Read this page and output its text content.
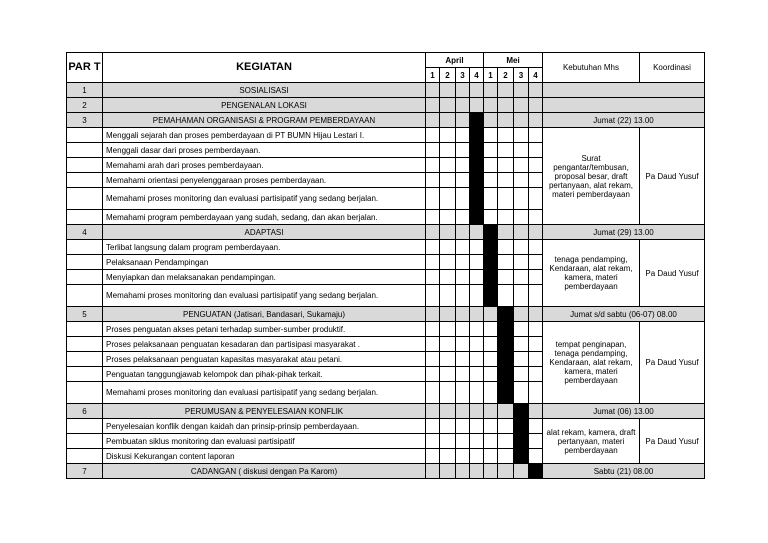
PAR T	KEGIATAN	April				Mei				Kebutuhan Mhs	Koordinasi
		1	2	3	4	1	2	3	4		
1	SOSIALISASI										
2	PENGENALAN LOKASI										
3	PEMAHAMAN ORGANISASI & PROGRAM PEMBERDAYAAN									Jumat (22) 13.00	
	Menggali sejarah dan proses pemberdayaan di PT BUMN Hijau Lestari I.									Surat pengantar/tembusan, proposal besar, draft pertanyaan, alat rekam, materi pemberdayaan	Pa Daud Yusuf
	Menggali dasar dari proses pemberdayaan.										
	Memahami arah dari proses pemberdayaan.										
	Memahami orientasi penyelenggaraan proses pemberdayaan.										
	Memahami proses monitoring dan evaluasi partisipatif yang sedang berjalan.										
	Memahami program pemberdayaan yang sudah, sedang, dan akan berjalan.										
4	ADAPTASI									Jumat (29) 13.00	
	Terlibat langsung dalam program pemberdayaan.									tenaga pendamping, Kendaraan, alat rekam, kamera, materi pemberdayaan	Pa Daud Yusuf
	Pelaksanaan Pendampingan										
	Menyiapkan dan melaksanakan pendampingan.										
	Memahami proses monitoring dan evaluasi partisipatif yang sedang berjalan.										
5	PENGUATAN (Jatisari, Bandasari, Sukamaju)									Jumat s/d sabtu (06-07) 08.00	
	Proses penguatan akses petani terhadap sumber-sumber produktif.									tempat penginapan, tenaga pendamping, Kendaraan, alat rekam, kamera, materi pemberdayaan	Pa Daud Yusuf
	Proses pelaksanaan penguatan kesadaran dan partisipasi masyarakat .										
	Proses pelaksanaan penguatan kapasitas masyarakat atau petani.										
	Penguatan tanggungjawab kelompok dan pihak-pihak terkait.										
	Memahami proses monitoring dan evaluasi partisipatif yang sedang berjalan.										
6	PERUMUSAN & PENYELESAIAN KONFLIK									Jumat (06) 13.00	
	Penyelesaian konflik dengan kaidah dan prinsip-prinsip pemberdayaan.									alat rekam, kamera, draft pertanyaan, materi pemberdayaan	Pa Daud Yusuf
	Pembuatan siklus monitoring dan evaluasi partisipatif										
	Diskusi Kekurangan content laporan										
7	CADANGAN ( diskusi dengan Pa Karom)									Sabtu (21) 08.00	
